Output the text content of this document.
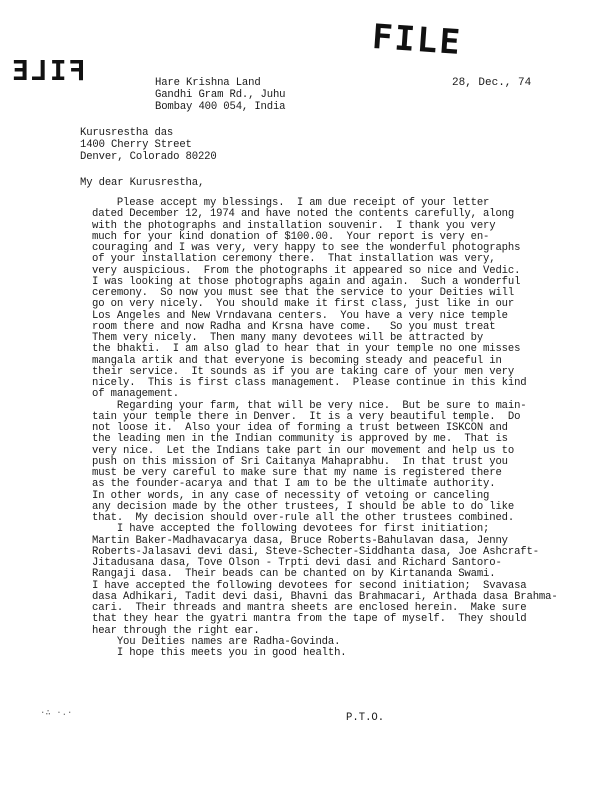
FILE
FILE
Hare Krishna Land
Gandhi Gram Rd., Juhu
Bombay 400 054, India
28, Dec., 74
Kurusrestha das
1400 Cherry Street
Denver, Colorado 80220
My dear Kurusrestha,
Please accept my blessings.  I am due receipt of your letter
dated December 12, 1974 and have noted the contents carefully, along
with the photographs and installation souvenir.  I thank you very
much for your kind donation of $100.00.  Your report is very en-
couraging and I was very, very happy to see the wonderful photographs
of your installation ceremony there.  That installation was very,
very auspicious.  From the photographs it appeared so nice and Vedic.
I was looking at those photographs again and again.  Such a wonderful
ceremony.  So now you must see that the service to your Deities will
go on very nicely.  You should make it first class, just like in our
Los Angeles and New Vrndavana centers.  You have a very nice temple
room there and now Radha and Krsna have come.   So you must treat
Them very nicely.  Then many many devotees will be attracted by
the bhakti.  I am also glad to hear that in your temple no one misses
mangala artik and that everyone is becoming steady and peaceful in
their service.  It sounds as if you are taking care of your men very
nicely.  This is first class management.  Please continue in this kind
of management.
Regarding your farm, that will be very nice.  But be sure to main-
tain your temple there in Denver.  It is a very beautiful temple.  Do
not loose it.  Also your idea of forming a trust between ISKCON and
the leading men in the Indian community is approved by me.  That is
very nice.  Let the Indians take part in our movement and help us to
push on this mission of Sri Caitanya Mahaprabhu.  In that trust you
must be very careful to make sure that my name is registered there
as the founder-acarya and that I am to be the ultimate authority.
In other words, in any case of necessity of vetoing or canceling
any decision made by the other trustees, I should be able to do like
that.  My decision should over-rule all the other trustees combined.
I have accepted the following devotees for first initiation;
Martin Baker-Madhavacarya dasa, Bruce Roberts-Bahulavan dasa, Jenny
Roberts-Jalasavi devi dasi, Steve-Schecter-Siddhanta dasa, Joe Ashcraft-
Jitadusana dasa, Tove Olson - Trpti devi dasi and Richard Santoro-
Rangaji dasa.  Their beads can be chanted on by Kirtananda Swami.
I have accepted the following devotees for second initiation;  Svavasa
dasa Adhikari, Tadit devi dasi, Bhavni das Brahmacari, Arthada dasa Brahma-
cari.  Their threads and mantra sheets are enclosed herein.  Make sure
that they hear the gyatri mantra from the tape of myself.  They should
hear through the right ear.
You Deities names are Radha-Govinda.
I hope this meets you in good health.
·∴ ·.·	P.T.O.
